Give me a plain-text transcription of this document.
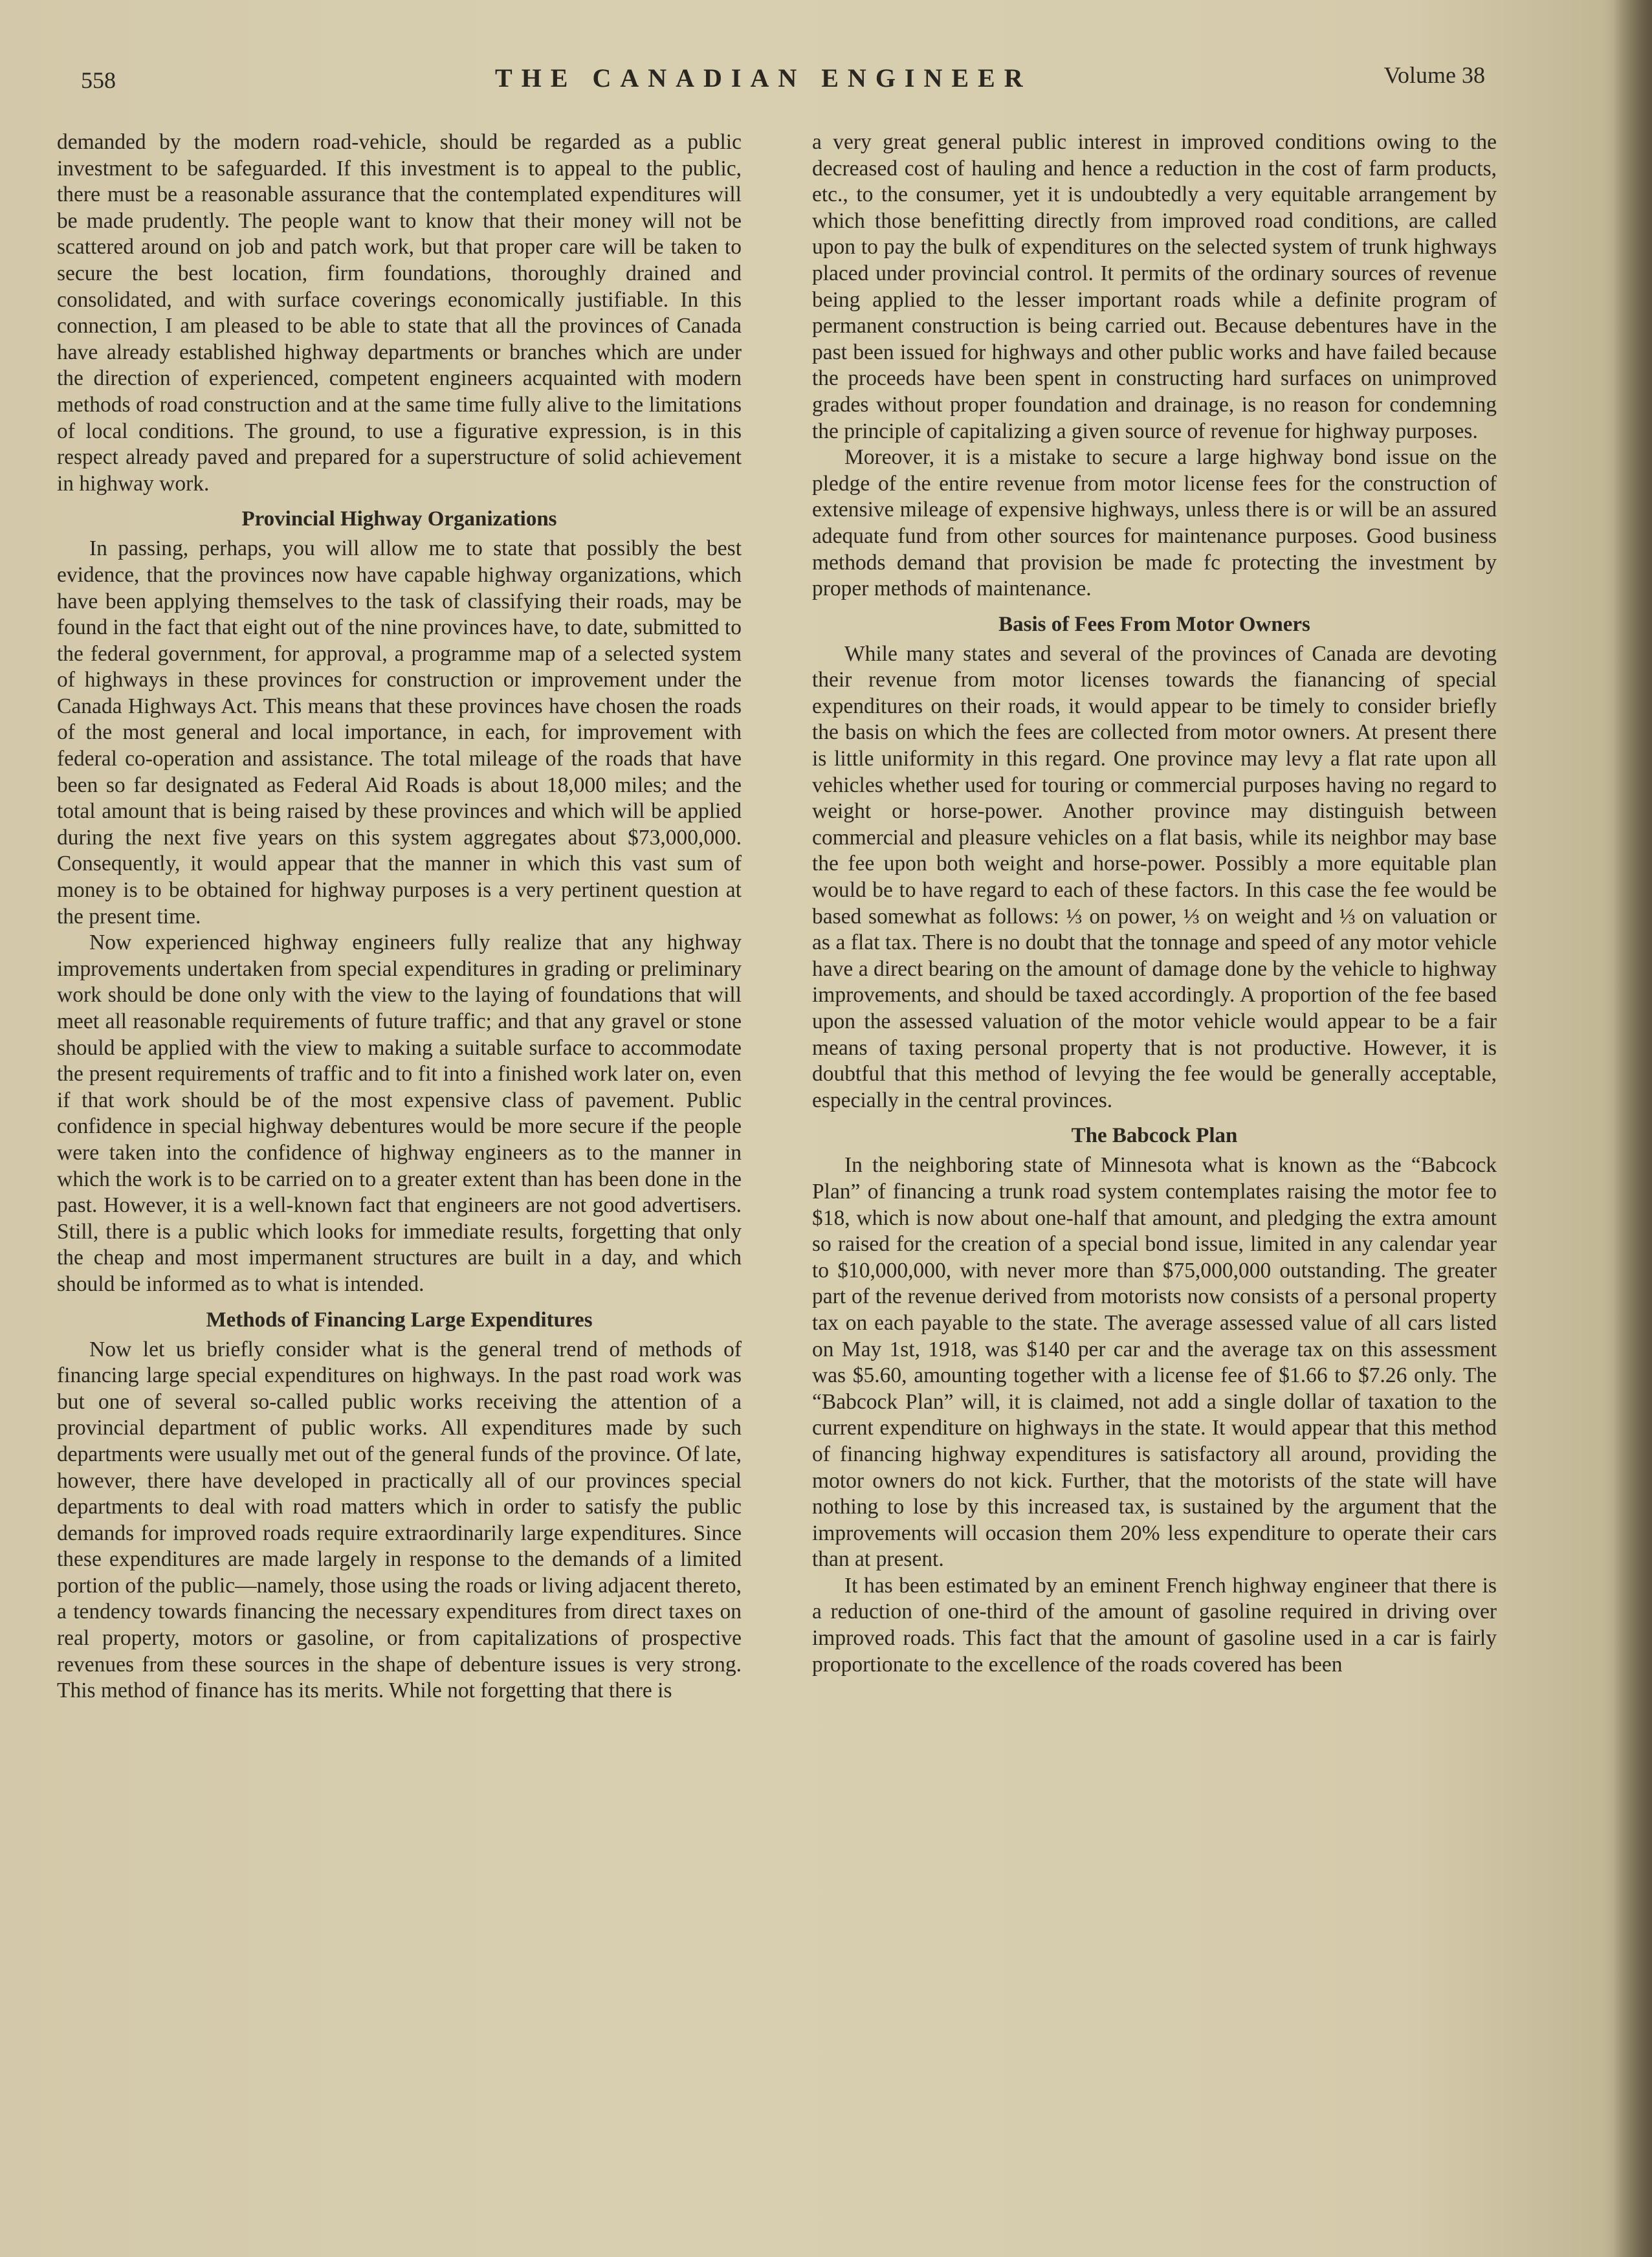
558	THE CANADIAN ENGINEER	Volume 38

demanded by the modern road-vehicle, should be regarded as a public investment to be safeguarded. If this investment is to appeal to the public, there must be a reasonable assurance that the contemplated expenditures will be made prudently. The people want to know that their money will not be scattered around on job and patch work, but that proper care will be taken to secure the best location, firm foundations, thoroughly drained and consolidated, and with surface coverings economically justifiable. In this connection, I am pleased to be able to state that all the provinces of Canada have already established highway departments or branches which are under the direction of experienced, competent engineers acquainted with modern methods of road construction and at the same time fully alive to the limitations of local conditions. The ground, to use a figurative expression, is in this respect already paved and prepared for a superstructure of solid achievement in highway work.

Provincial Highway Organizations

In passing, perhaps, you will allow me to state that possibly the best evidence, that the provinces now have capable highway organizations, which have been applying themselves to the task of classifying their roads, may be found in the fact that eight out of the nine provinces have, to date, submitted to the federal government, for approval, a programme map of a selected system of highways in these provinces for construction or improvement under the Canada Highways Act. This means that these provinces have chosen the roads of the most general and local importance, in each, for improvement with federal co-operation and assistance. The total mileage of the roads that have been so far designated as Federal Aid Roads is about 18,000 miles; and the total amount that is being raised by these provinces and which will be applied during the next five years on this system aggregates about $73,000,000. Consequently, it would appear that the manner in which this vast sum of money is to be obtained for highway purposes is a very pertinent question at the present time.

Now experienced highway engineers fully realize that any highway improvements undertaken from special expenditures in grading or preliminary work should be done only with the view to the laying of foundations that will meet all reasonable requirements of future traffic; and that any gravel or stone should be applied with the view to making a suitable surface to accommodate the present requirements of traffic and to fit into a finished work later on, even if that work should be of the most expensive class of pavement. Public confidence in special highway debentures would be more secure if the people were taken into the confidence of highway engineers as to the manner in which the work is to be carried on to a greater extent than has been done in the past. However, it is a well-known fact that engineers are not good advertisers. Still, there is a public which looks for immediate results, forgetting that only the cheap and most impermanent structures are built in a day, and which should be informed as to what is intended.

Methods of Financing Large Expenditures

Now let us briefly consider what is the general trend of methods of financing large special expenditures on highways. In the past road work was but one of several so-called public works receiving the attention of a provincial department of public works. All expenditures made by such departments were usually met out of the general funds of the province. Of late, however, there have developed in practically all of our provinces special departments to deal with road matters which in order to satisfy the public demands for improved roads require extraordinarily large expenditures. Since these expenditures are made largely in response to the demands of a limited portion of the public—namely, those using the roads or living adjacent thereto, a tendency towards financing the necessary expenditures from direct taxes on real property, motors or gasoline, or from capitalizations of prospective revenues from these sources in the shape of debenture issues is very strong. This method of finance has its merits. While not forgetting that there is

a very great general public interest in improved conditions owing to the decreased cost of hauling and hence a reduction in the cost of farm products, etc., to the consumer, yet it is undoubtedly a very equitable arrangement by which those benefitting directly from improved road conditions, are called upon to pay the bulk of expenditures on the selected system of trunk highways placed under provincial control. It permits of the ordinary sources of revenue being applied to the lesser important roads while a definite program of permanent construction is being carried out. Because debentures have in the past been issued for highways and other public works and have failed because the proceeds have been spent in constructing hard surfaces on unimproved grades without proper foundation and drainage, is no reason for condemning the principle of capitalizing a given source of revenue for highway purposes.

Moreover, it is a mistake to secure a large highway bond issue on the pledge of the entire revenue from motor license fees for the construction of extensive mileage of expensive highways, unless there is or will be an assured adequate fund from other sources for maintenance purposes. Good business methods demand that provision be made fc protecting the investment by proper methods of maintenance.

Basis of Fees From Motor Owners

While many states and several of the provinces of Canada are devoting their revenue from motor licenses towards the fianancing of special expenditures on their roads, it would appear to be timely to consider briefly the basis on which the fees are collected from motor owners. At present there is little uniformity in this regard. One province may levy a flat rate upon all vehicles whether used for touring or commercial purposes having no regard to weight or horse-power. Another province may distinguish between commercial and pleasure vehicles on a flat basis, while its neighbor may base the fee upon both weight and horse-power. Possibly a more equitable plan would be to have regard to each of these factors. In this case the fee would be based somewhat as follows: ⅓ on power, ⅓ on weight and ⅓ on valuation or as a flat tax. There is no doubt that the tonnage and speed of any motor vehicle have a direct bearing on the amount of damage done by the vehicle to highway improvements, and should be taxed accordingly. A proportion of the fee based upon the assessed valuation of the motor vehicle would appear to be a fair means of taxing personal property that is not productive. However, it is doubtful that this method of levying the fee would be generally acceptable, especially in the central provinces.

The Babcock Plan

In the neighboring state of Minnesota what is known as the “Babcock Plan” of financing a trunk road system contemplates raising the motor fee to $18, which is now about one-half that amount, and pledging the extra amount so raised for the creation of a special bond issue, limited in any calendar year to $10,000,000, with never more than $75,000,000 outstanding. The greater part of the revenue derived from motorists now consists of a personal property tax on each payable to the state. The average assessed value of all cars listed on May 1st, 1918, was $140 per car and the average tax on this assessment was $5.60, amounting together with a license fee of $1.66 to $7.26 only. The “Babcock Plan” will, it is claimed, not add a single dollar of taxation to the current expenditure on highways in the state. It would appear that this method of financing highway expenditures is satisfactory all around, providing the motor owners do not kick. Further, that the motorists of the state will have nothing to lose by this increased tax, is sustained by the argument that the improvements will occasion them 20% less expenditure to operate their cars than at present.

It has been estimated by an eminent French highway engineer that there is a reduction of one-third of the amount of gasoline required in driving over improved roads. This fact that the amount of gasoline used in a car is fairly proportionate to the excellence of the roads covered has been
